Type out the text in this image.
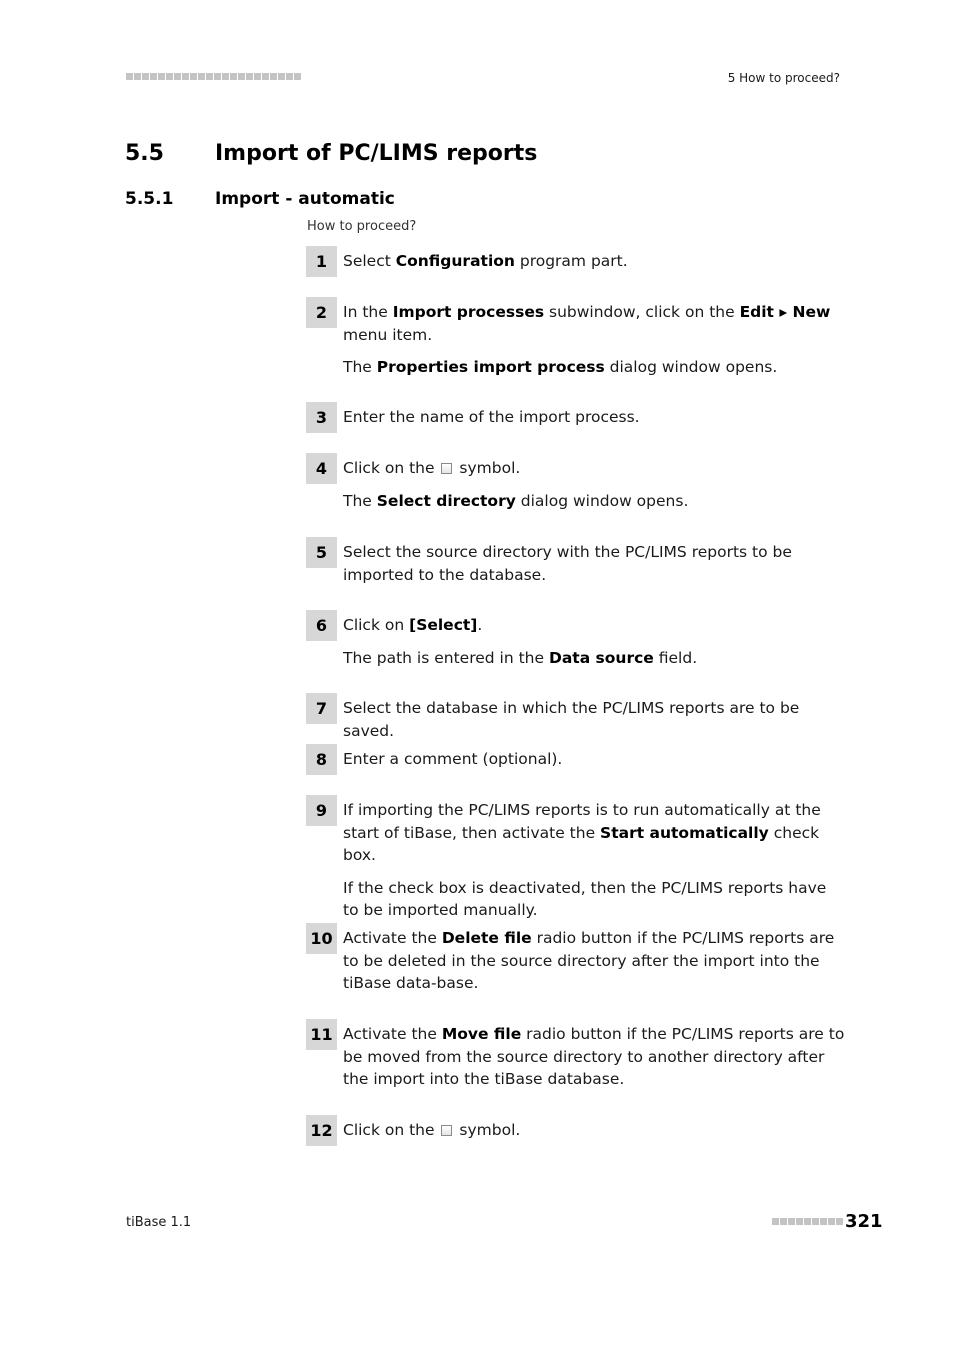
5 How to proceed?
5.5 Import of PC/LIMS reports
5.5.1 Import - automatic
How to proceed?
1	Select Configuration program part.

2	In the Import processes subwindow, click on the Edit ▸ New menu item.

The Properties import process dialog window opens.

3	Enter the name of the import process.

4	Click on the  symbol.

The Select directory dialog window opens.

5	Select the source directory with the PC/LIMS reports to be imported to the database.

6	Click on [Select].

The path is entered in the Data source field.

7	Select the database in which the PC/LIMS reports are to be saved.

8	Enter a comment (optional).

9	If importing the PC/LIMS reports is to run automatically at the start of tiBase, then activate the Start automatically check box.

If the check box is deactivated, then the PC/LIMS reports have to be imported manually.

10 Activate the Delete file radio button if the PC/LIMS reports are to be deleted in the source directory after the import into the tiBase data-base.

11 Activate the Move file radio button if the PC/LIMS reports are to be moved from the source directory to another directory after the import into the tiBase database.

12 Click on the  symbol.

tiBase 1.1	321
